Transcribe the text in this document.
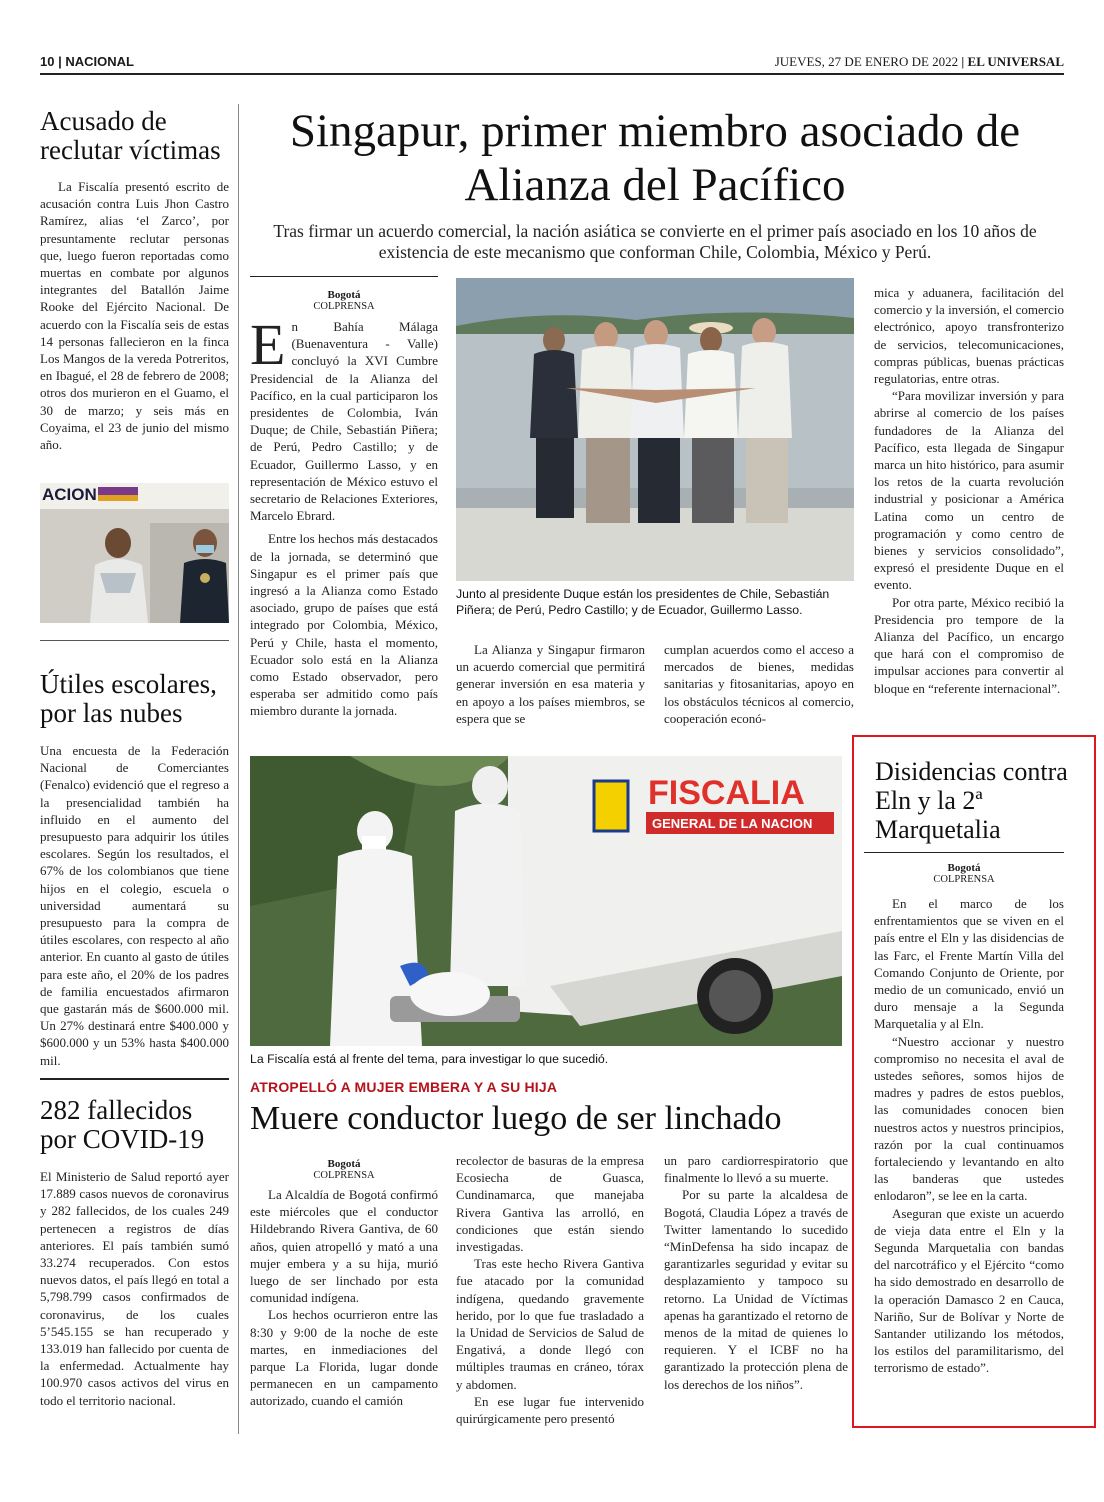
10 | NACIONAL	JUEVES, 27 DE ENERO DE 2022 | EL UNIVERSAL
Acusado de reclutar víctimas

La Fiscalía presentó escrito de acusación contra Luis Jhon Castro Ramírez, alias ‘el Zarco’, por presuntamente reclutar personas que, luego fueron reportadas como muertas en combate por algunos integrantes del Batallón Jaime Rooke del Ejército Nacional. De acuerdo con la Fiscalía seis de estas 14 personas fallecieron en la finca Los Mangos de la vereda Potreritos, en Ibagué, el 28 de febrero de 2008; otros dos murieron en el Guamo, el 30 de marzo; y seis más en Coyaima, el 23 de junio del mismo año.

ACION
Útiles escolares, por las nubes

Una encuesta de la Federación Nacional de Comerciantes (Fenalco) evidenció que el regreso a la presencialidad también ha influido en el aumento del presupuesto para adquirir los útiles escolares. Según los resultados, el 67% de los colombianos que tiene hijos en el colegio, escuela o universidad aumentará su presupuesto para la compra de útiles escolares, con respecto al año anterior. En cuanto al gasto de útiles para este año, el 20% de los padres de familia encuestados afirmaron que gastarán más de $600.000 mil. Un 27% destinará entre $400.000 y $600.000 y un 53% hasta $400.000 mil.

282 fallecidos por COVID-19

El Ministerio de Salud reportó ayer 17.889 casos nuevos de coronavirus y 282 fallecidos, de los cuales 249 pertenecen a registros de días anteriores. El país también sumó 33.274 recuperados. Con estos nuevos datos, el país llegó en total a 5,798.799 casos confirmados de coronavirus, de los cuales 5’545.155 se han recuperado y 133.019 han fallecido por cuenta de la enfermedad. Actualmente hay 100.970 casos activos del virus en todo el territorio nacional.

Singapur, primer miembro asociado de Alianza del Pacífico
Tras firmar un acuerdo comercial, la nación asiática se convierte en el primer país asociado en los 10 años de existencia de este mecanismo que conforman Chile, Colombia, México y Perú.
Bogotá
COLPRENSA
E n Bahía Málaga (Buenaventura - Valle) concluyó la XVI Cumbre Presidencial de la Alianza del Pacífico, en la cual participaron los presidentes de Colombia, Iván Duque; de Chile, Sebastián Piñera; de Perú, Pedro Castillo; y de Ecuador, Guillermo Lasso, y en representación de México estuvo el secretario de Relaciones Exteriores, Marcelo Ebrard.

Entre los hechos más destacados de la jornada, se determinó que Singapur es el primer país que ingresó a la Alianza como Estado asociado, grupo de países que está integrado por Colombia, México, Perú y Chile, hasta el momento, Ecuador solo está en la Alianza como Estado observador, pero esperaba ser admitido como país miembro durante la jornada.

Junto al presidente Duque están los presidentes de Chile, Sebastián Piñera; de Perú, Pedro Castillo; y de Ecuador, Guillermo Lasso.

La Alianza y Singapur firmaron un acuerdo comercial que permitirá generar inversión en esa materia y en apoyo a los países miembros, se espera que se

cumplan acuerdos como el acceso a mercados de bienes, medidas sanitarias y fitosanitarias, apoyo en los obstáculos técnicos al comercio, cooperación econó-

mica y aduanera, facilitación del comercio y la inversión, el comercio electrónico, apoyo transfronterizo de servicios, telecomunicaciones, compras públicas, buenas prácticas regulatorias, entre otras.

“Para movilizar inversión y para abrirse al comercio de los países fundadores de la Alianza del Pacífico, esta llegada de Singapur marca un hito histórico, para asumir los retos de la cuarta revolución industrial y posicionar a América Latina como un centro de programación y como centro de bienes y servicios consolidado”, expresó el presidente Duque en el evento.

Por otra parte, México recibió la Presidencia pro tempore de la Alianza del Pacífico, un encargo que hará con el compromiso de impulsar acciones para convertir al bloque en “referente internacional”.

FISCALIA
GENERAL DE LA NACION
La Fiscalía está al frente del tema, para investigar lo que sucedió.
ATROPELLÓ A MUJER EMBERA Y A SU HIJA
Muere conductor luego de ser linchado
Bogotá
COLPRENSA

La Alcaldía de Bogotá confirmó este miércoles que el conductor Hildebrando Rivera Gantiva, de 60 años, quien atropelló y mató a una mujer embera y a su hija, murió luego de ser linchado por esta comunidad indígena.

Los hechos ocurrieron entre las 8:30 y 9:00 de la noche de este martes, en inmediaciones del parque La Florida, lugar donde permanecen en un campamento autorizado, cuando el camión

recolector de basuras de la empresa Ecosiecha de Guasca, Cundinamarca, que manejaba Rivera Gantiva las arrolló, en condiciones que están siendo investigadas.

Tras este hecho Rivera Gantiva fue atacado por la comunidad indígena, quedando gravemente herido, por lo que fue trasladado a la Unidad de Servicios de Salud de Engativá, a donde llegó con múltiples traumas en cráneo, tórax y abdomen.

En ese lugar fue intervenido quirúrgicamente pero presentó

un paro cardiorrespiratorio que finalmente lo llevó a su muerte.

Por su parte la alcaldesa de Bogotá, Claudia López a través de Twitter lamentando lo sucedido “MinDefensa ha sido incapaz de garantizarles seguridad y evitar su desplazamiento y tampoco su retorno. La Unidad de Víctimas apenas ha garantizado el retorno de menos de la mitad de quienes lo requieren. Y el ICBF no ha garantizado la protección plena de los derechos de los niños”.

Disidencias contra Eln y la 2ª Marquetalia
Bogotá
COLPRENSA

En el marco de los enfrentamientos que se viven en el país entre el Eln y las disidencias de las Farc, el Frente Martín Villa del Comando Conjunto de Oriente, por medio de un comunicado, envió un duro mensaje a la Segunda Marquetalia y al Eln.

“Nuestro accionar y nuestro compromiso no necesita el aval de ustedes señores, somos hijos de madres y padres de estos pueblos, las comunidades conocen bien nuestros actos y nuestros principios, razón por la cual continuamos fortaleciendo y levantando en alto las banderas que ustedes enlodaron”, se lee en la carta.

Aseguran que existe un acuerdo de vieja data entre el Eln y la Segunda Marquetalia con bandas del narcotráfico y el Ejército “como ha sido demostrado en desarrollo de la operación Damasco 2 en Cauca, Nariño, Sur de Bolívar y Norte de Santander utilizando los métodos, los estilos del paramilitarismo, del terrorismo de estado”.
